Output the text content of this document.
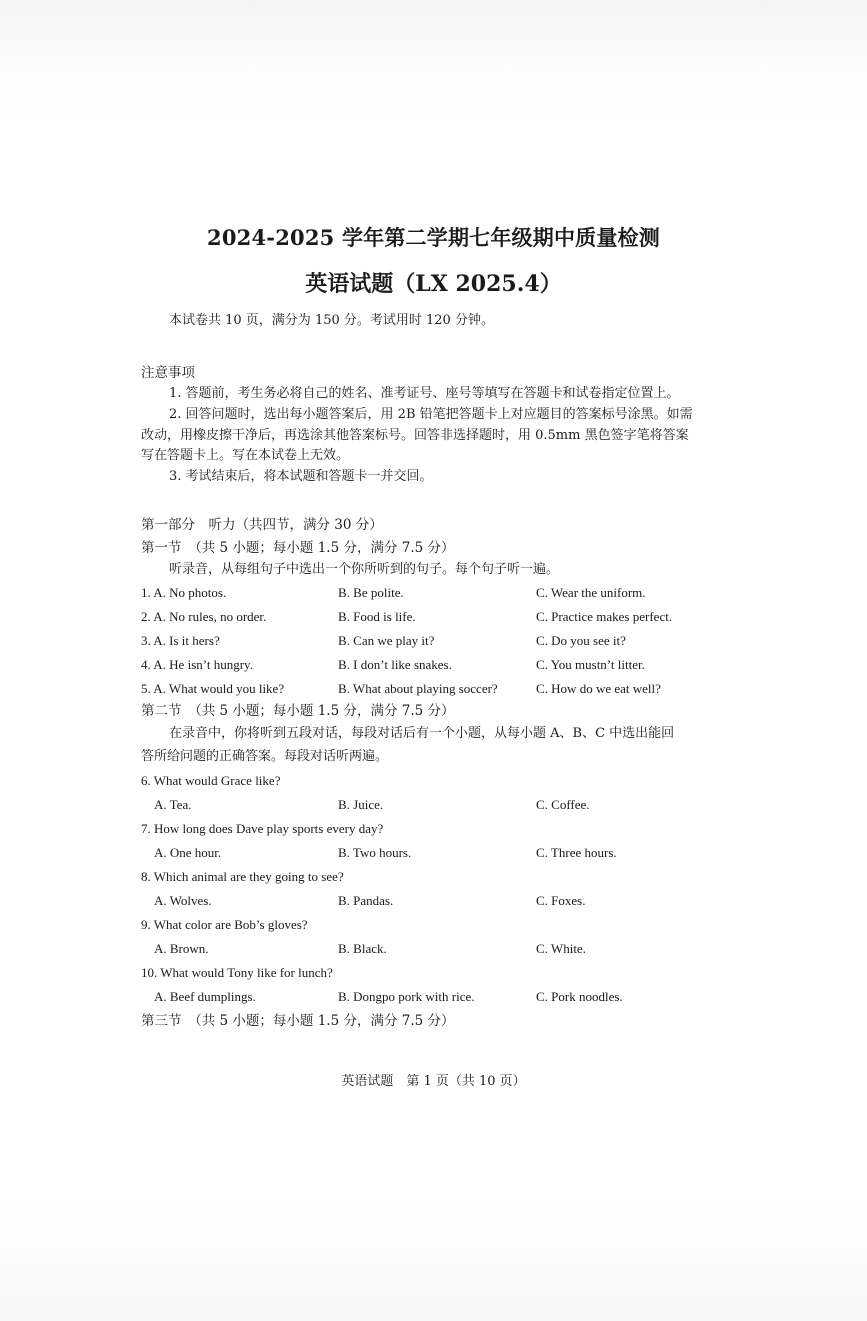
2024-2025 学年第二学期七年级期中质量检测
英语试题（LX 2025.4）
本试卷共 10 页，满分为 150 分。考试用时 120 分钟。
注意事项
1. 答题前，考生务必将自己的姓名、准考证号、座号等填写在答题卡和试卷指定位置上。
2. 回答问题时，选出每小题答案后，用 2B 铅笔把答题卡上对应题目的答案标号涂黑。如需
改动，用橡皮擦干净后，再选涂其他答案标号。回答非选择题时，用 0.5mm 黑色签字笔将答案
写在答题卡上。写在本试卷上无效。
3. 考试结束后，将本试题和答题卡一并交回。
第一部分　听力（共四节，满分 30 分）
第一节　（共 5 小题；每小题 1.5 分，满分 7.5 分）
听录音，从每组句子中选出一个你所听到的句子。每个句子听一遍。
1. A. No photos.	B. Be polite.	C. Wear the uniform.
2. A. No rules, no order.	B. Food is life.	C. Practice makes perfect.
3. A. Is it hers?	B. Can we play it?	C. Do you see it?
4. A. He isn’t hungry.	B. I don’t like snakes.	C. You mustn’t litter.
5. A. What would you like?	B. What about playing soccer?	C. How do we eat well?
第二节　（共 5 小题；每小题 1.5 分，满分 7.5 分）
在录音中，你将听到五段对话，每段对话后有一个小题，从每小题 A、B、C 中选出能回
答所给问题的正确答案。每段对话听两遍。
6. What would Grace like?
A. Tea.	B. Juice.	C. Coffee.
7. How long does Dave play sports every day?
A. One hour.	B. Two hours.	C. Three hours.
8. Which animal are they going to see?
A. Wolves.	B. Pandas.	C. Foxes.
9. What color are Bob’s gloves?
A. Brown.	B. Black.	C. White.
10. What would Tony like for lunch?
A. Beef dumplings.	B. Dongpo pork with rice.	C. Pork noodles.
第三节　（共 5 小题；每小题 1.5 分，满分 7.5 分）
英语试题　第 1 页（共 10 页）
